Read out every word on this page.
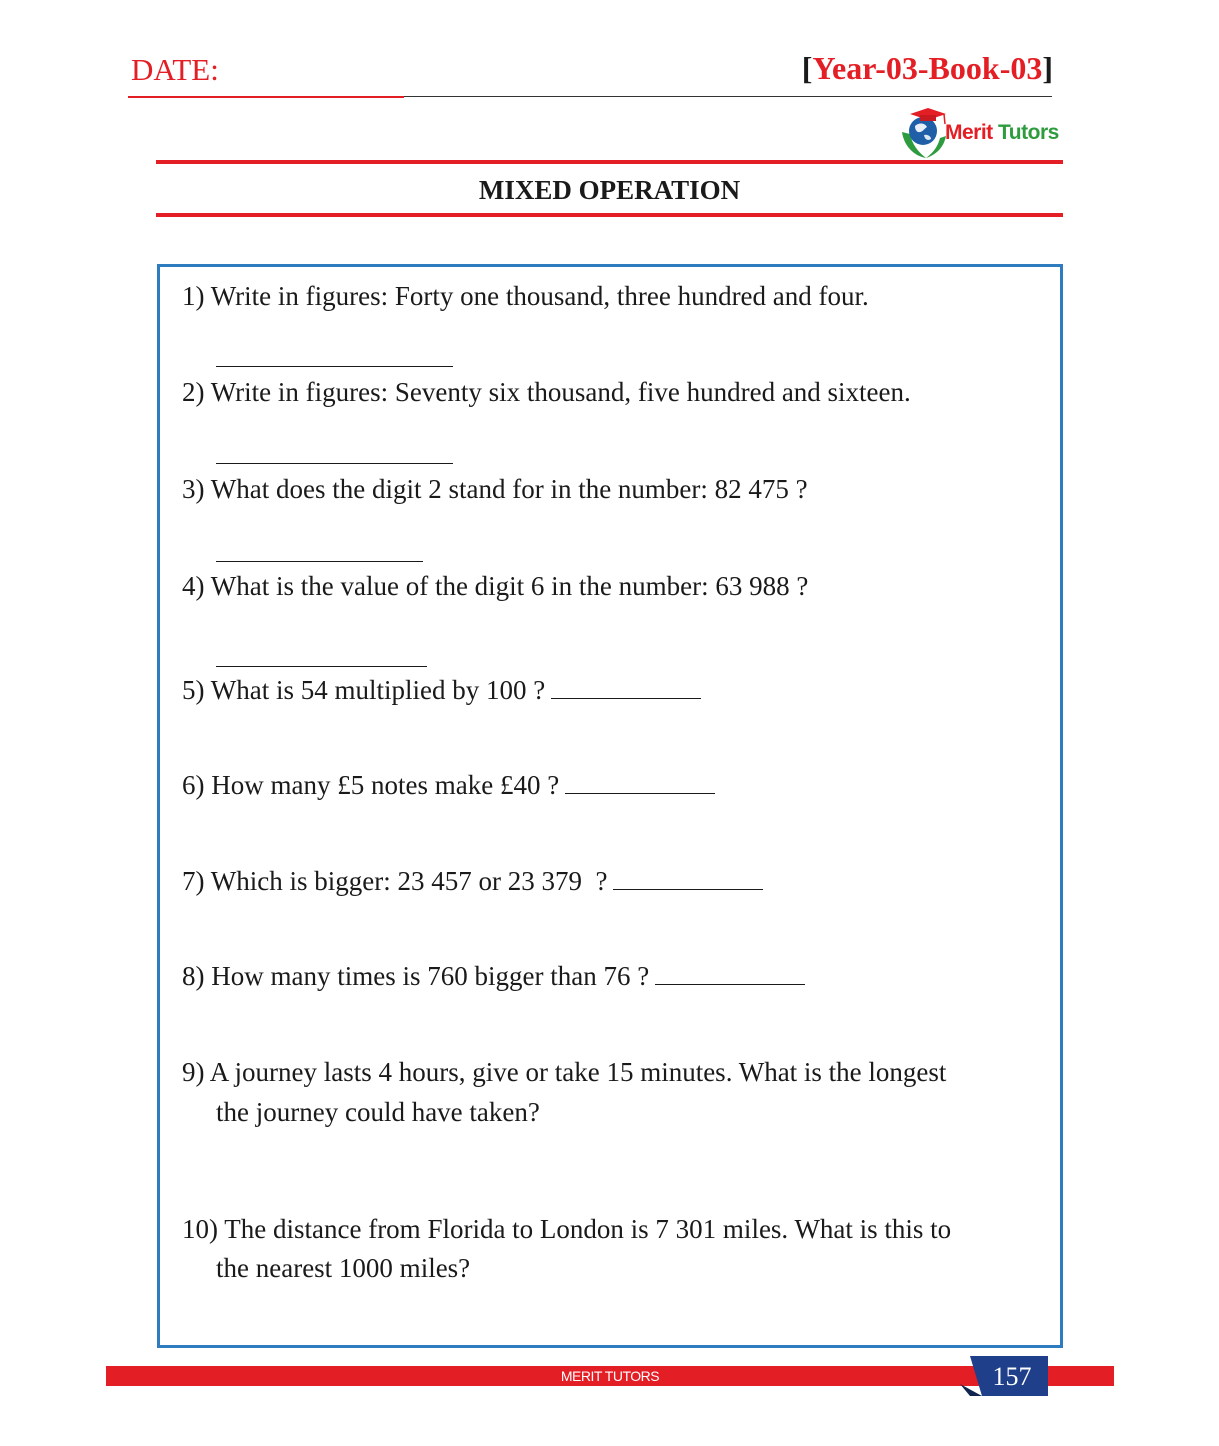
DATE:	[Year-03-Book-03]
Merit Tutors
MIXED OPERATION
1) Write in figures: Forty one thousand, three hundred and four.
2) Write in figures: Seventy six thousand, five hundred and sixteen.
3) What does the digit 2 stand for in the number: 82 475 ?
4) What is the value of the digit 6 in the number: 63 988 ?
5) What is 54 multiplied by 100 ?
6) How many £5 notes make £40 ?
7) Which is bigger: 23 457 or 23 379  ?
8) How many times is 760 bigger than 76 ?
9) A journey lasts 4 hours, give or take 15 minutes. What is the longest
the journey could have taken?
10) The distance from Florida to London is 7 301 miles. What is this to
the nearest 1000 miles?
MERIT TUTORS	157
